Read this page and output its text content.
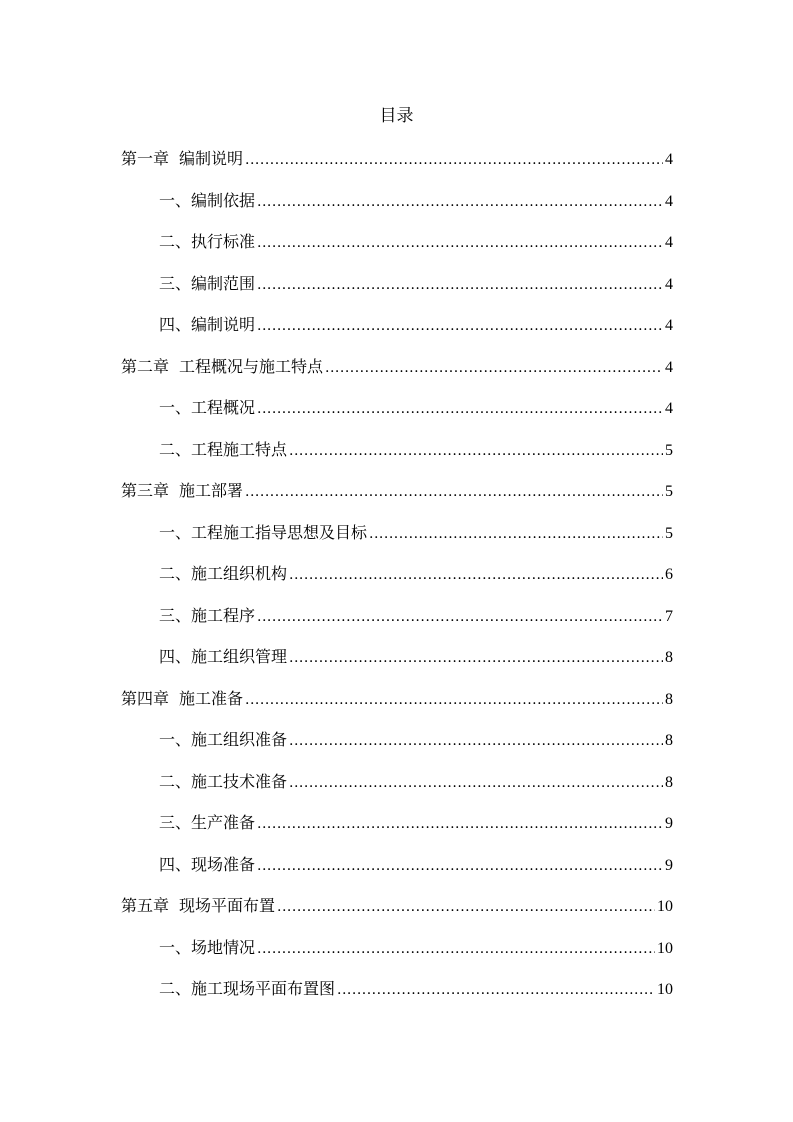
目录
第一章 编制说明 .....	4
一、编制依据 .....	4
二、执行标准 .....	4
三、编制范围 .....	4
四、编制说明 .....	4
第二章 工程概况与施工特点 .....	4
一、工程概况 .....	4
二、工程施工特点 .....	5
第三章 施工部署 .....	5
一、工程施工指导思想及目标 .....	5
二、施工组织机构 .....	6
三、施工程序 .....	7
四、施工组织管理 .....	8
第四章 施工准备 .....	8
一、施工组织准备 .....	8
二、施工技术准备 .....	8
三、生产准备 .....	9
四、现场准备 .....	9
第五章 现场平面布置 .....	10
一、场地情况 .....	10
二、施工现场平面布置图 .....	10
